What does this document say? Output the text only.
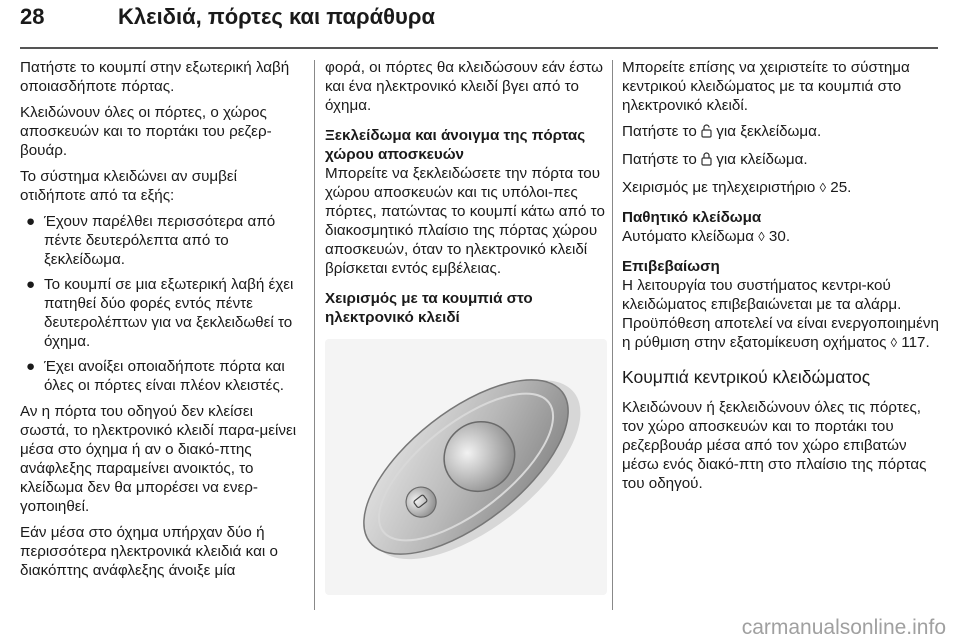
28	Κλειδιά, πόρτες και παράθυρα

Πατήστε το κουμπί στην εξωτερική λαβή οποιασδήποτε πόρτας.

Κλειδώνουν όλες οι πόρτες, ο χώρος αποσκευών και το πορτάκι του ρεζερ-βουάρ.

Το σύστημα κλειδώνει αν συμβεί οτιδήποτε από τα εξής:

● Έχουν παρέλθει περισσότερα από πέντε δευτερόλεπτα από το ξεκλείδωμα.
● Το κουμπί σε μια εξωτερική λαβή έχει πατηθεί δύο φορές εντός πέντε δευτερολέπτων για να ξεκλειδωθεί το όχημα.
● Έχει ανοίξει οποιαδήποτε πόρτα και όλες οι πόρτες είναι πλέον κλειστές.

Αν η πόρτα του οδηγού δεν κλείσει σωστά, το ηλεκτρονικό κλειδί παρα-μείνει μέσα στο όχημα ή αν ο διακό-πτης ανάφλεξης παραμείνει ανοικτός, το κλείδωμα δεν θα μπορέσει να ενερ-γοποιηθεί.

Εάν μέσα στο όχημα υπήρχαν δύο ή περισσότερα ηλεκτρονικά κλειδιά και ο διακόπτης ανάφλεξης άνοιξε μία

φορά, οι πόρτες θα κλειδώσουν εάν έστω και ένα ηλεκτρονικό κλειδί βγει από το όχημα.

Ξεκλείδωμα και άνοιγμα της πόρτας χώρου αποσκευών

Μπορείτε να ξεκλειδώσετε την πόρτα του χώρου αποσκευών και τις υπόλοι-πες πόρτες, πατώντας το κουμπί κάτω από το διακοσμητικό πλαίσιο της πόρτας χώρου αποσκευών, όταν το ηλεκτρονικό κλειδί βρίσκεται εντός εμβέλειας.

Χειρισμός με τα κουμπιά στο ηλεκτρονικό κλειδί

Μπορείτε επίσης να χειριστείτε το σύστημα κεντρικού κλειδώματος με τα κουμπιά στο ηλεκτρονικό κλειδί.

Πατήστε το  για ξεκλείδωμα.

Πατήστε το  για κλείδωμα.

Χειρισμός με τηλεχειριστήριο ◊ 25.

Παθητικό κλείδωμα

Αυτόματο κλείδωμα ◊ 30.

Επιβεβαίωση

Η λειτουργία του συστήματος κεντρι-κού κλειδώματος επιβεβαιώνεται με τα αλάρμ. Προϋπόθεση αποτελεί να είναι ενεργοποιημένη η ρύθμιση στην εξατομίκευση οχήματος ◊ 117.

Κουμπιά κεντρικού κλειδώματος

Κλειδώνουν ή ξεκλειδώνουν όλες τις πόρτες, τον χώρο αποσκευών και το πορτάκι του ρεζερβουάρ μέσα από τον χώρο επιβατών μέσω ενός διακό-πτη στο πλαίσιο της πόρτας του οδηγού.

carmanualsonline.info
